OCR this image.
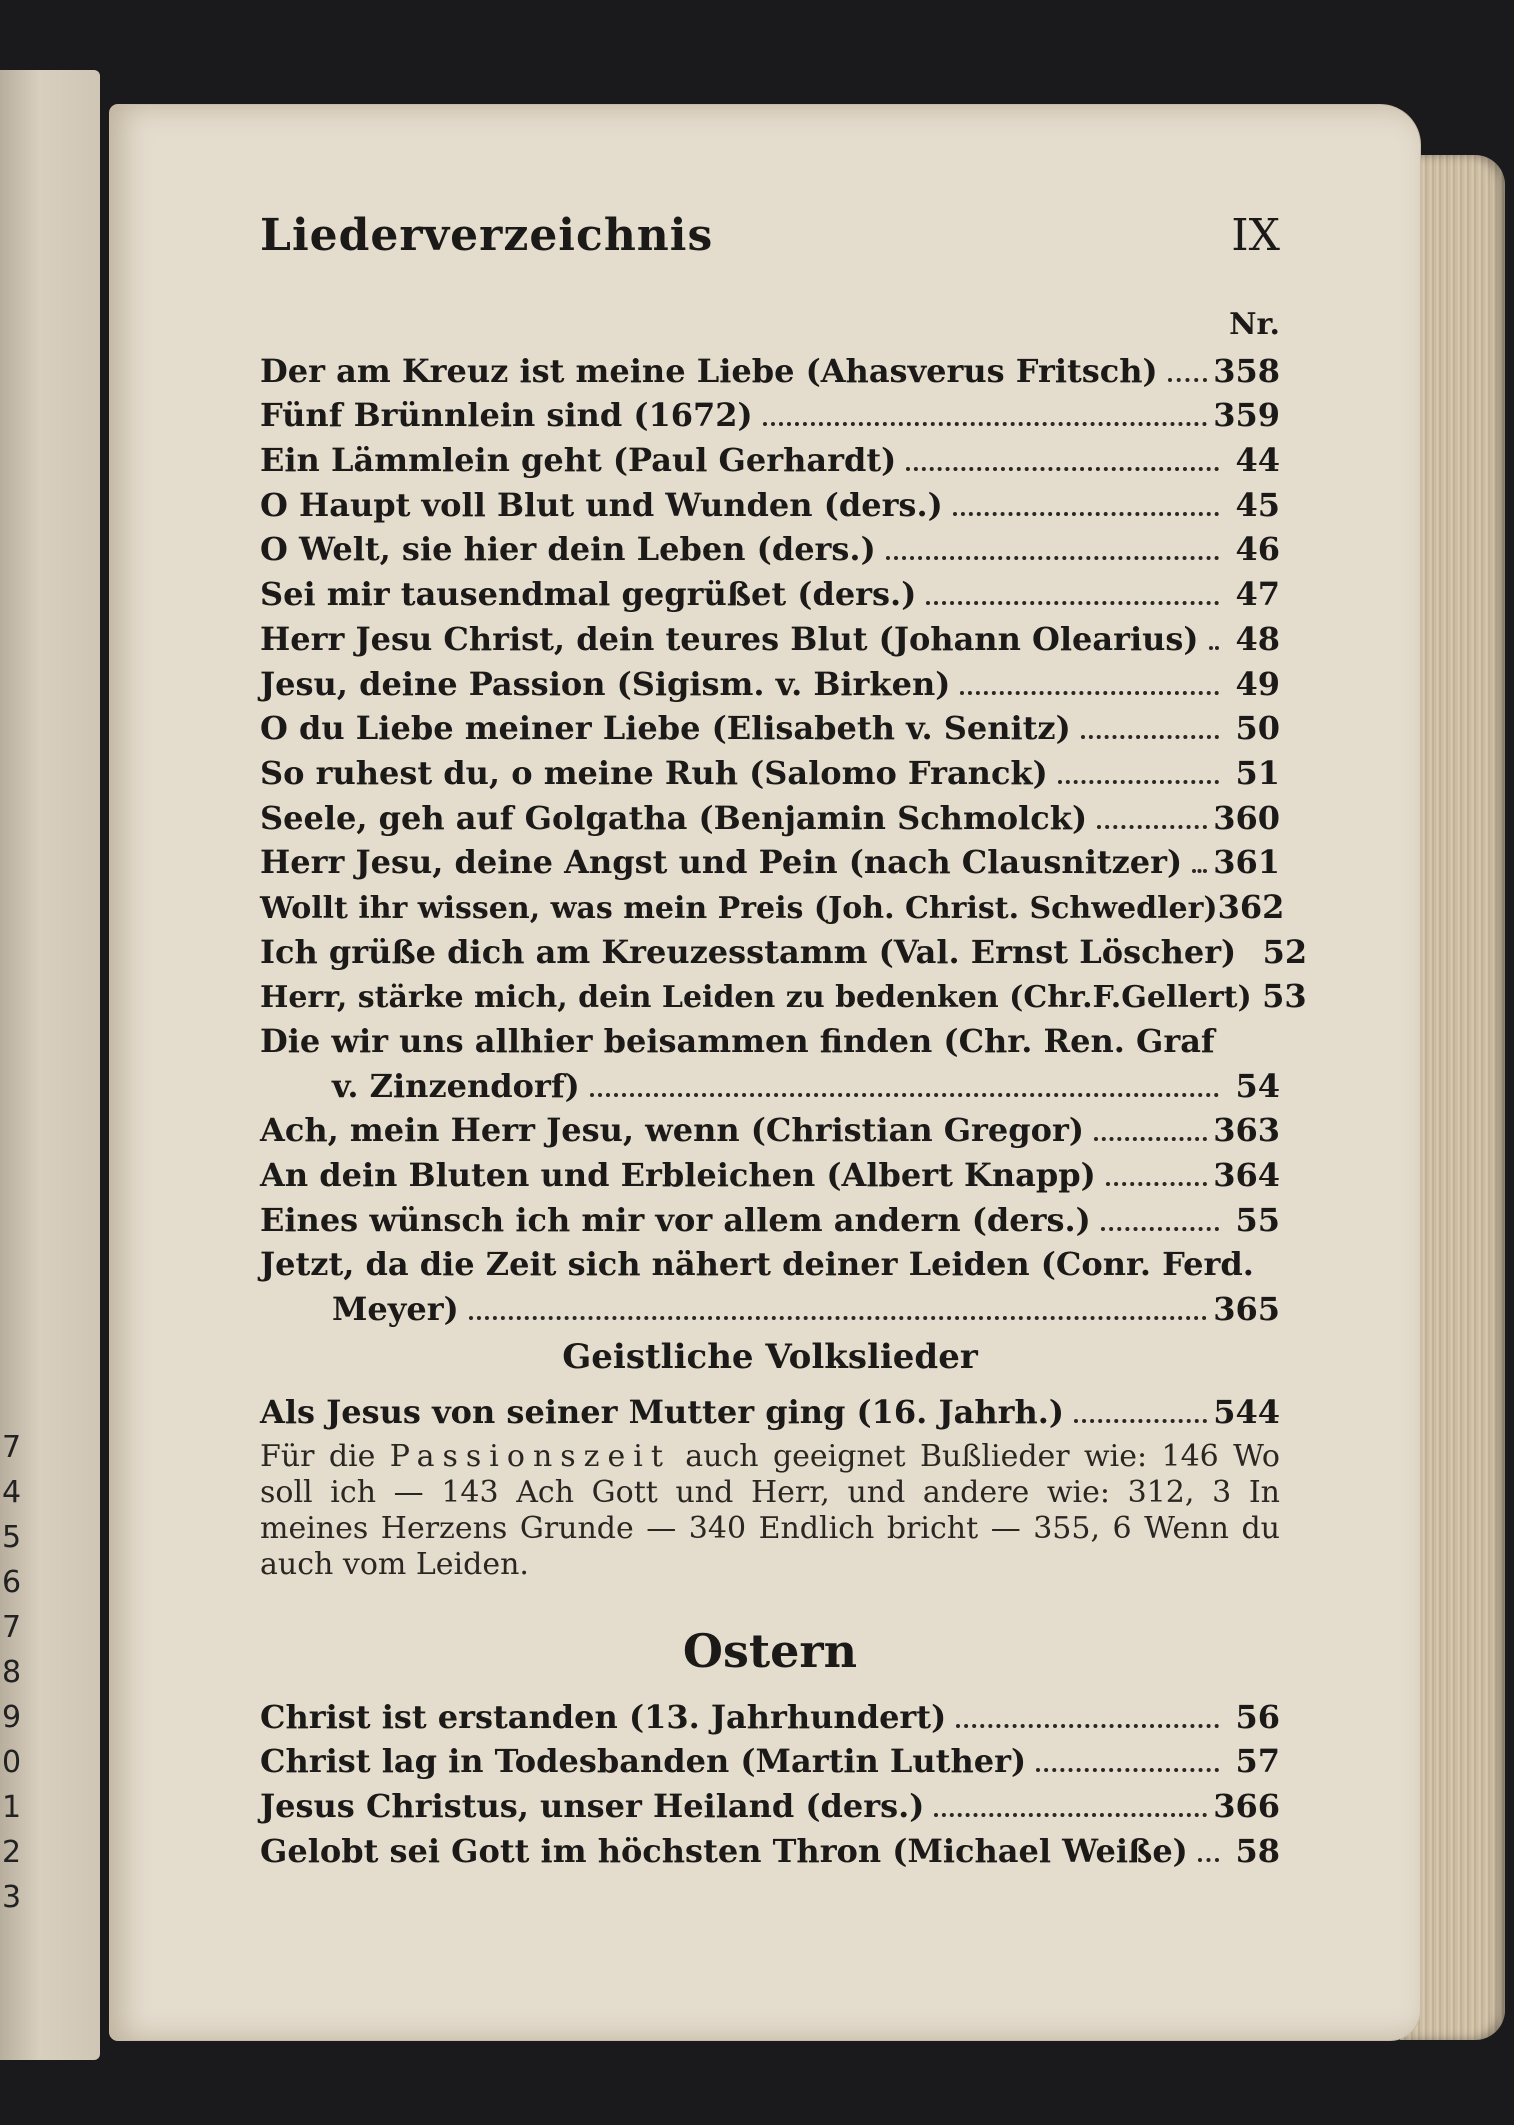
7
4
5
6
7
8
9
0
1
2
3
Liederverzeichnis	IX
Nr.
Der am Kreuz ist meine Liebe (Ahasverus Fritsch) 358
Fünf Brünnlein sind (1672)	359
Ein Lämmlein geht (Paul Gerhardt)	44
O Haupt voll Blut und Wunden (ders.)	45
O Welt, sie hier dein Leben (ders.)	46
Sei mir tausendmal gegrüßet (ders.)	47
Herr Jesu Christ, dein teures Blut (Johann Olearius)	48
Jesu, deine Passion (Sigism. v. Birken)	49
O du Liebe meiner Liebe (Elisabeth v. Senitz)	50
So ruhest du, o meine Ruh (Salomo Franck)	51
Seele, geh auf Golgatha (Benjamin Schmolck)	360
Herr Jesu, deine Angst und Pein (nach Clausnitzer) 361
Wollt ihr wissen, was mein Preis (Joh. Christ. Schwedler) 362
Ich grüße dich am Kreuzesstamm (Val. Ernst Löscher) 52
Herr, stärke mich, dein Leiden zu bedenken (Chr.F.Gellert) 53
Die wir uns allhier beisammen finden (Chr. Ren. Graf
v. Zinzendorf)	54
Ach, mein Herr Jesu, wenn (Christian Gregor)	363
An dein Bluten und Erbleichen (Albert Knapp)	364
Eines wünsch ich mir vor allem andern (ders.)	55
Jetzt, da die Zeit sich nähert deiner Leiden (Conr. Ferd.
Meyer)	365
Geistliche Volkslieder
Als Jesus von seiner Mutter ging (16. Jahrh.)	544
Für die Passionszeit auch geeignet Bußlieder wie: 146 Wo soll ich — 143 Ach Gott und Herr, und andere wie: 312, 3 In meines Herzens Grunde — 340 Endlich bricht — 355, 6 Wenn du auch vom Leiden.
Ostern
Christ ist erstanden (13. Jahrhundert)	56
Christ lag in Todesbanden (Martin Luther)	57
Jesus Christus, unser Heiland (ders.)	366
Gelobt sei Gott im höchsten Thron (Michael Weiße)	58
